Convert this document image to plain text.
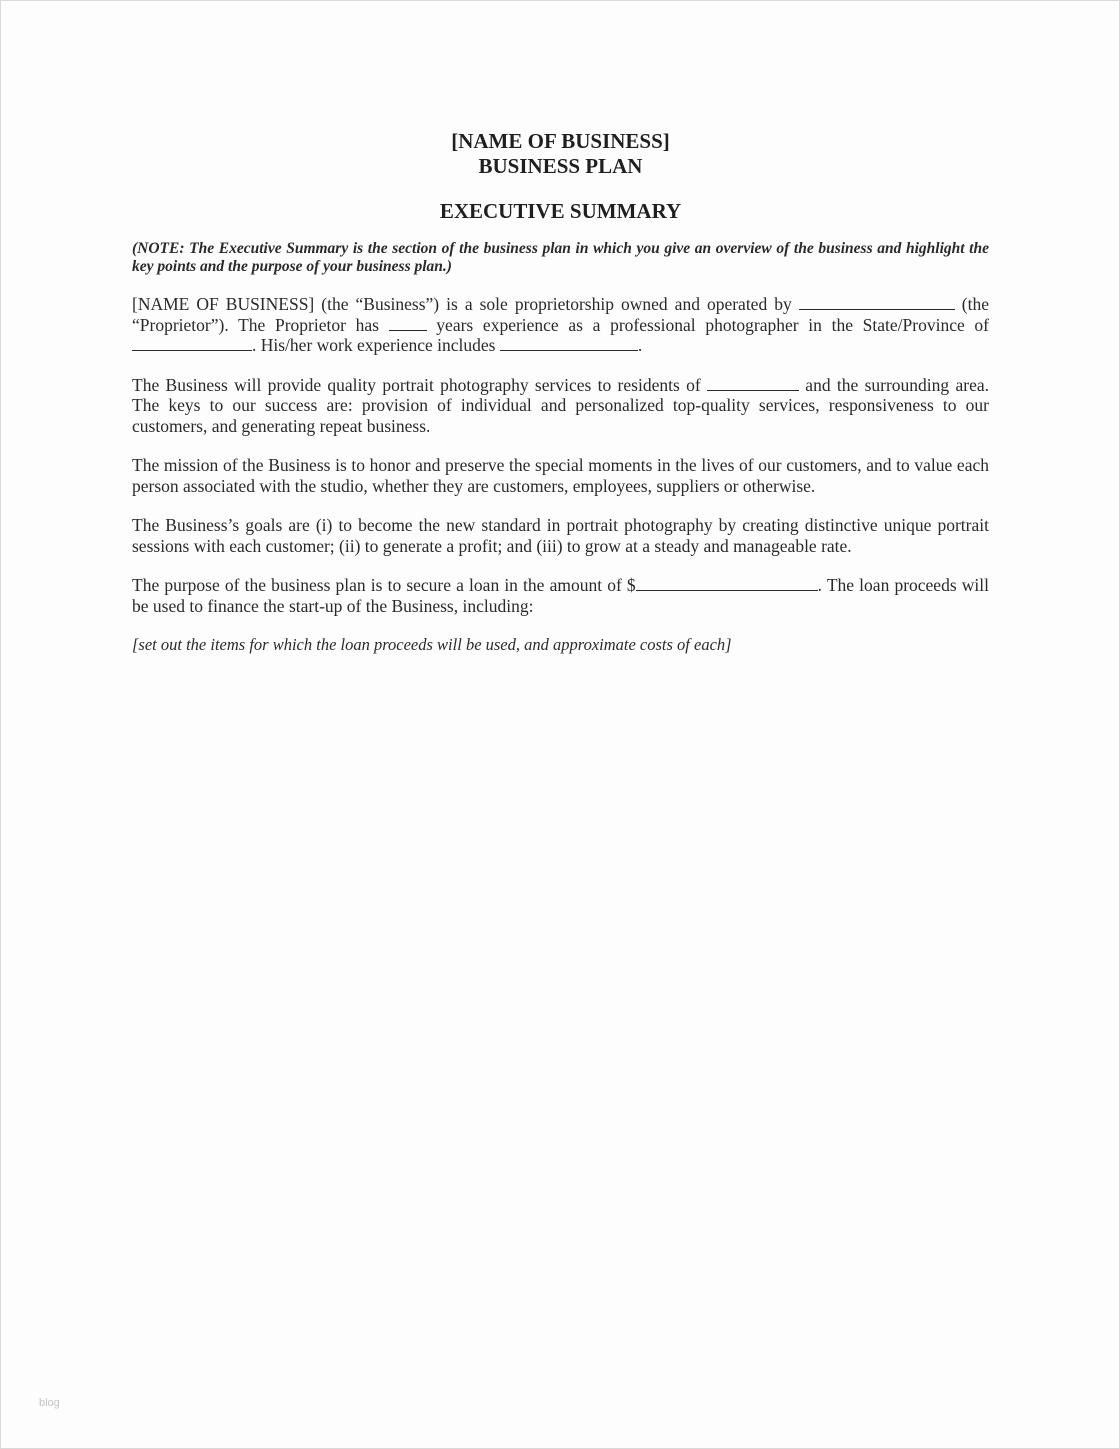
[NAME OF BUSINESS]
BUSINESS PLAN
EXECUTIVE SUMMARY

(NOTE: The Executive Summary is the section of the business plan in which you give an overview of the business and highlight the key points and the purpose of your business plan.)

[NAME OF BUSINESS] (the “Business”) is a sole proprietorship owned and operated by	(the “Proprietor”). The Proprietor has  years experience as a professional photographer in the State/Province of . His/her work experience includes	.

The Business will provide quality portrait photography services to residents of	and the surrounding area. The keys to our success are: provision of individual and personalized top-quality services, responsiveness to our customers, and generating repeat business.

The mission of the Business is to honor and preserve the special moments in the lives of our customers, and to value each person associated with the studio, whether they are customers, employees, suppliers or otherwise.

The Business’s goals are (i) to become the new standard in portrait photography by creating distinctive unique portrait sessions with each customer; (ii) to generate a profit; and (iii) to grow at a steady and manageable rate.

The purpose of the business plan is to secure a loan in the amount of $	. The loan proceeds will be used to finance the start-up of the Business, including:

[set out the items for which the loan proceeds will be used, and approximate costs of each]

blog
